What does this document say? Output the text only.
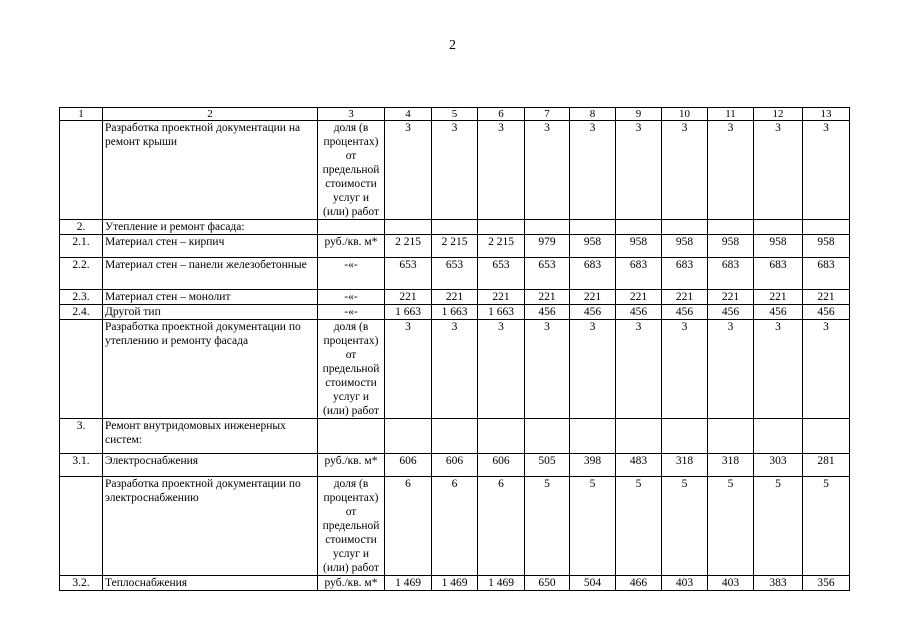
2
1	2	3	4	5	6	7	8	9	10	11	12	13
	Разработка проектной документации на ремонт крыши	доля (в процентах) от предельной стоимости услуг и (или) работ	3	3	3	3	3	3	3	3	3	3
2.	Утепление и ремонт фасада:											
2.1.	Материал стен – кирпич	руб./кв. м*	2 215	2 215	2 215	979	958	958	958	958	958	958
2.2.	Материал стен – панели железобетонные	-«-	653	653	653	653	683	683	683	683	683	683
2.3.	Материал стен – монолит	-«-	221	221	221	221	221	221	221	221	221	221
2.4.	Другой тип	-«-	1 663	1 663	1 663	456	456	456	456	456	456	456
	Разработка проектной документации по утеплению и ремонту фасада	доля (в процентах) от предельной стоимости услуг и (или) работ	3	3	3	3	3	3	3	3	3	3
3.	Ремонт внутридомовых инженерных систем:											
3.1.	Электроснабжения	руб./кв. м*	606	606	606	505	398	483	318	318	303	281
	Разработка проектной документации по электроснабжению	доля (в процентах) от предельной стоимости услуг и (или) работ	6	6	6	5	5	5	5	5	5	5
3.2.	Теплоснабжения	руб./кв. м*	1 469	1 469	1 469	650	504	466	403	403	383	356
